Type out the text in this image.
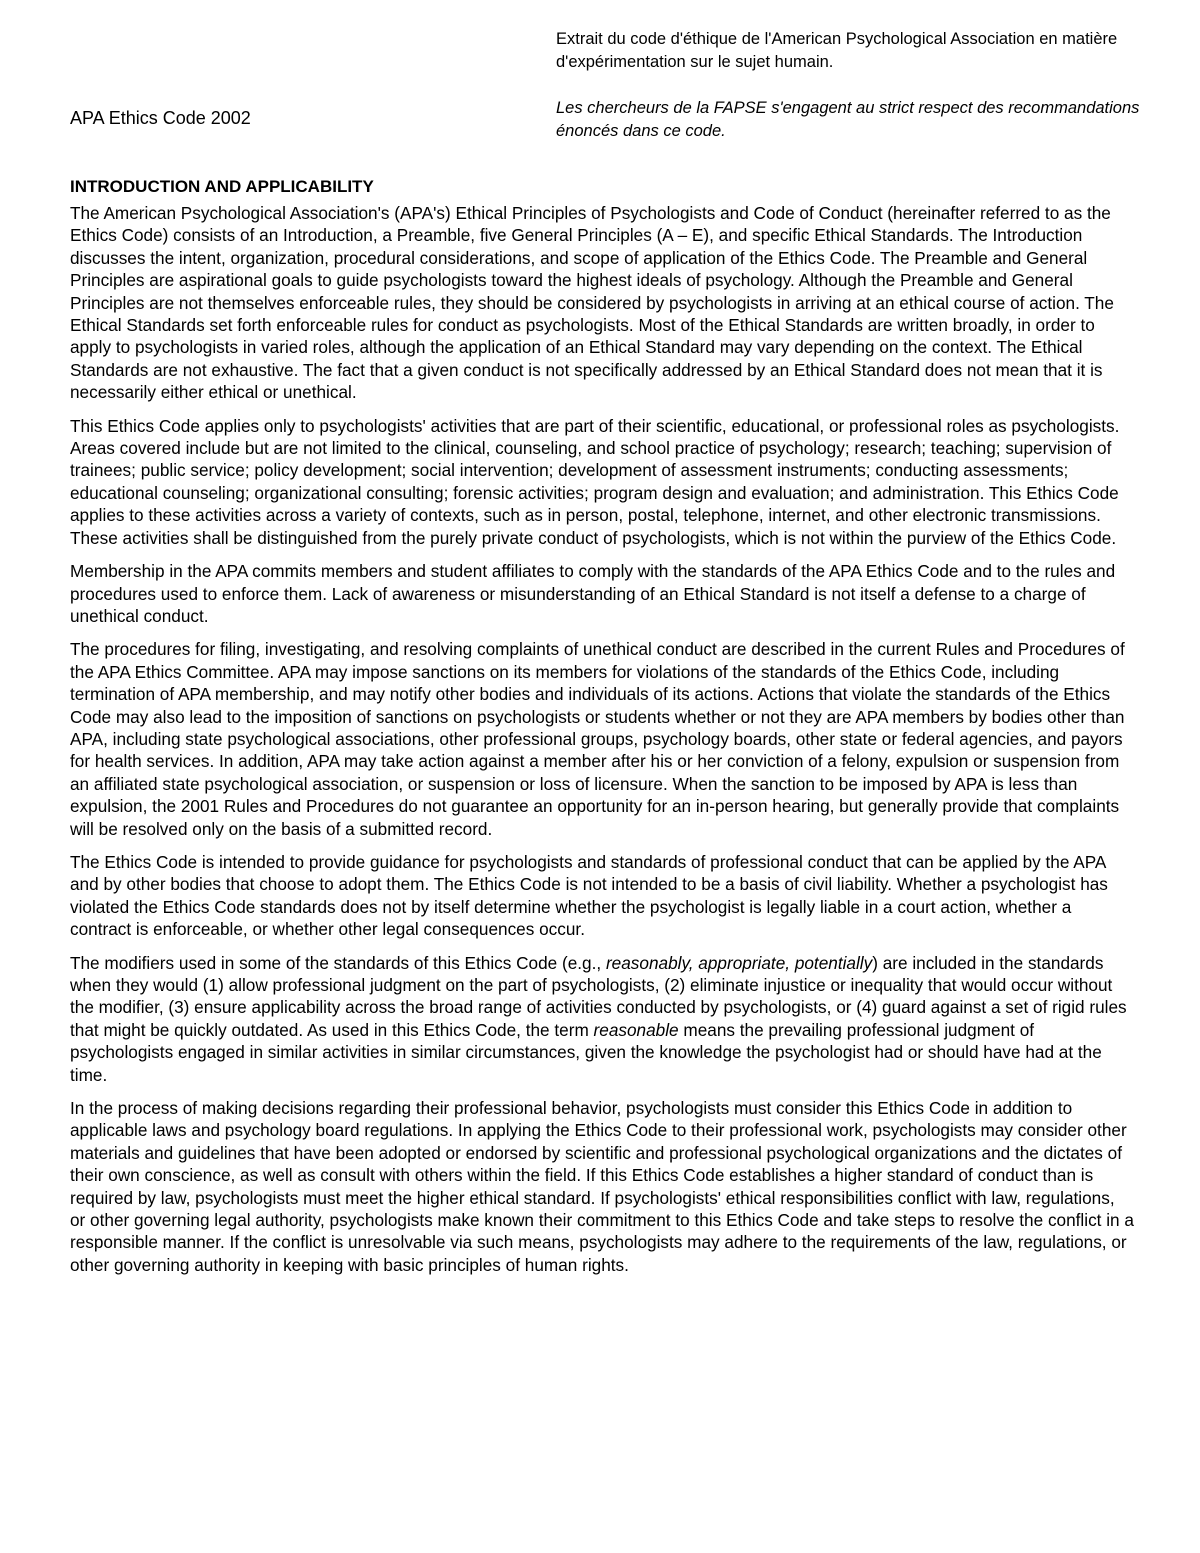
Extrait du code d'éthique de l'American Psychological Association en matière d'expérimentation sur le sujet humain.

Les chercheurs de la FAPSE s'engagent au strict respect des recommandations énoncés dans ce code.

APA Ethics Code 2002

INTRODUCTION AND APPLICABILITY

The American Psychological Association's (APA's) Ethical Principles of Psychologists and Code of Conduct (hereinafter referred to as the Ethics Code) consists of an Introduction, a Preamble, five General Principles (A – E), and specific Ethical Standards. The Introduction discusses the intent, organization, procedural considerations, and scope of application of the Ethics Code. The Preamble and General Principles are aspirational goals to guide psychologists toward the highest ideals of psychology. Although the Preamble and General Principles are not themselves enforceable rules, they should be considered by psychologists in arriving at an ethical course of action. The Ethical Standards set forth enforceable rules for conduct as psychologists. Most of the Ethical Standards are written broadly, in order to apply to psychologists in varied roles, although the application of an Ethical Standard may vary depending on the context. The Ethical Standards are not exhaustive. The fact that a given conduct is not specifically addressed by an Ethical Standard does not mean that it is necessarily either ethical or unethical.

This Ethics Code applies only to psychologists' activities that are part of their scientific, educational, or professional roles as psychologists. Areas covered include but are not limited to the clinical, counseling, and school practice of psychology; research; teaching; supervision of trainees; public service; policy development; social intervention; development of assessment instruments; conducting assessments; educational counseling; organizational consulting; forensic activities; program design and evaluation; and administration. This Ethics Code applies to these activities across a variety of contexts, such as in person, postal, telephone, internet, and other electronic transmissions. These activities shall be distinguished from the purely private conduct of psychologists, which is not within the purview of the Ethics Code.

Membership in the APA commits members and student affiliates to comply with the standards of the APA Ethics Code and to the rules and procedures used to enforce them. Lack of awareness or misunderstanding of an Ethical Standard is not itself a defense to a charge of unethical conduct.

The procedures for filing, investigating, and resolving complaints of unethical conduct are described in the current Rules and Procedures of the APA Ethics Committee. APA may impose sanctions on its members for violations of the standards of the Ethics Code, including termination of APA membership, and may notify other bodies and individuals of its actions. Actions that violate the standards of the Ethics Code may also lead to the imposition of sanctions on psychologists or students whether or not they are APA members by bodies other than APA, including state psychological associations, other professional groups, psychology boards, other state or federal agencies, and payors for health services. In addition, APA may take action against a member after his or her conviction of a felony, expulsion or suspension from an affiliated state psychological association, or suspension or loss of licensure. When the sanction to be imposed by APA is less than expulsion, the 2001 Rules and Procedures do not guarantee an opportunity for an in-person hearing, but generally provide that complaints will be resolved only on the basis of a submitted record.

The Ethics Code is intended to provide guidance for psychologists and standards of professional conduct that can be applied by the APA and by other bodies that choose to adopt them. The Ethics Code is not intended to be a basis of civil liability. Whether a psychologist has violated the Ethics Code standards does not by itself determine whether the psychologist is legally liable in a court action, whether a contract is enforceable, or whether other legal consequences occur.

The modifiers used in some of the standards of this Ethics Code (e.g., reasonably, appropriate, potentially) are included in the standards when they would (1) allow professional judgment on the part of psychologists, (2) eliminate injustice or inequality that would occur without the modifier, (3) ensure applicability across the broad range of activities conducted by psychologists, or (4) guard against a set of rigid rules that might be quickly outdated. As used in this Ethics Code, the term reasonable means the prevailing professional judgment of psychologists engaged in similar activities in similar circumstances, given the knowledge the psychologist had or should have had at the time.

In the process of making decisions regarding their professional behavior, psychologists must consider this Ethics Code in addition to applicable laws and psychology board regulations. In applying the Ethics Code to their professional work, psychologists may consider other materials and guidelines that have been adopted or endorsed by scientific and professional psychological organizations and the dictates of their own conscience, as well as consult with others within the field. If this Ethics Code establishes a higher standard of conduct than is required by law, psychologists must meet the higher ethical standard. If psychologists' ethical responsibilities conflict with law, regulations, or other governing legal authority, psychologists make known their commitment to this Ethics Code and take steps to resolve the conflict in a responsible manner. If the conflict is unresolvable via such means, psychologists may adhere to the requirements of the law, regulations, or other governing authority in keeping with basic principles of human rights.
